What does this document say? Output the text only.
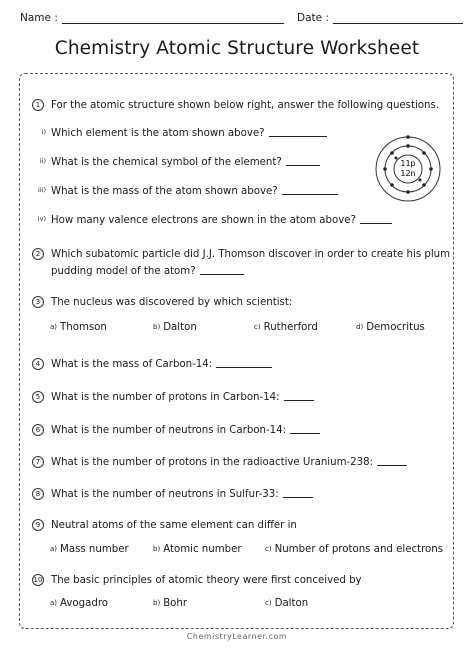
Name :	Date :
Chemistry Atomic Structure Worksheet
1	For the atomic structure shown below right, answer the following questions.
i) Which element is the atom shown above?
ii) What is the chemical symbol of the element?
iii) What is the mass of the atom shown above?
iv) How many valence electrons are shown in the atom above?
11p
12n
2	Which subatomic particle did J.J. Thomson discover in order to create his plum
pudding model of the atom?
3	The nucleus was discovered by which scientist:
a) Thomson	b) Dalton	c) Rutherford	d) Democritus
4	What is the mass of Carbon-14:
5	What is the number of protons in Carbon-14:
6	What is the number of neutrons in Carbon-14:
7	What is the number of protons in the radioactive Uranium-238:
8	What is the number of neutrons in Sulfur-33:
9	Neutral atoms of the same element can differ in
a) Mass number	b) Atomic number	c) Number of protons and electrons
10 The basic principles of atomic theory were first conceived by
a) Avogadro	b) Bohr	c) Dalton
ChemistryLearner.com
